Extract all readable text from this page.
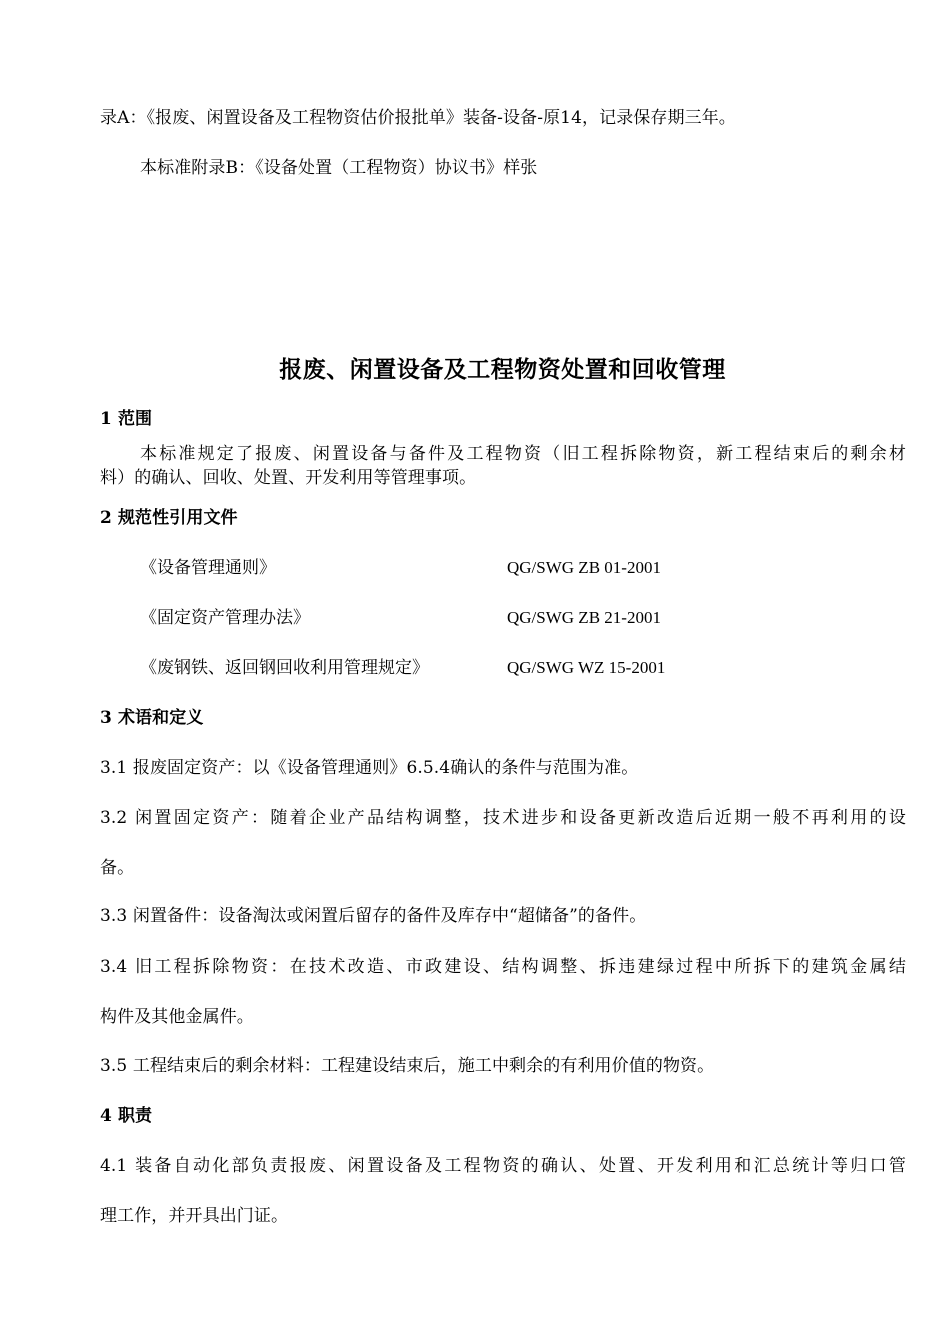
录A：《报废、闲置设备及工程物资估价报批单》装备-设备-原14，记录保存期三年。
本标准附录B：《设备处置（工程物资）协议书》样张
报废、闲置设备及工程物资处置和回收管理
1 范围
本标准规定了报废、闲置设备与备件及工程物资（旧工程拆除物资，新工程结束后的剩余材
料）的确认、回收、处置、开发利用等管理事项。
2 规范性引用文件
《设备管理通则》	QG/SWG ZB 01-2001
《固定资产管理办法》	QG/SWG ZB 21-2001
《废钢铁、返回钢回收利用管理规定》	QG/SWG WZ 15-2001
3 术语和定义
3.1 报废固定资产：以《设备管理通则》6.5.4确认的条件与范围为准。
3.2 闲置固定资产：随着企业产品结构调整，技术进步和设备更新改造后近期一般不再利用的设
备。
3.3 闲置备件：设备淘汰或闲置后留存的备件及库存中“超储备”的备件。
3.4 旧工程拆除物资：在技术改造、市政建设、结构调整、拆违建绿过程中所拆下的建筑金属结
构件及其他金属件。
3.5 工程结束后的剩余材料：工程建设结束后，施工中剩余的有利用价值的物资。
4 职责
4.1 装备自动化部负责报废、闲置设备及工程物资的确认、处置、开发利用和汇总统计等归口管
理工作，并开具出门证。
